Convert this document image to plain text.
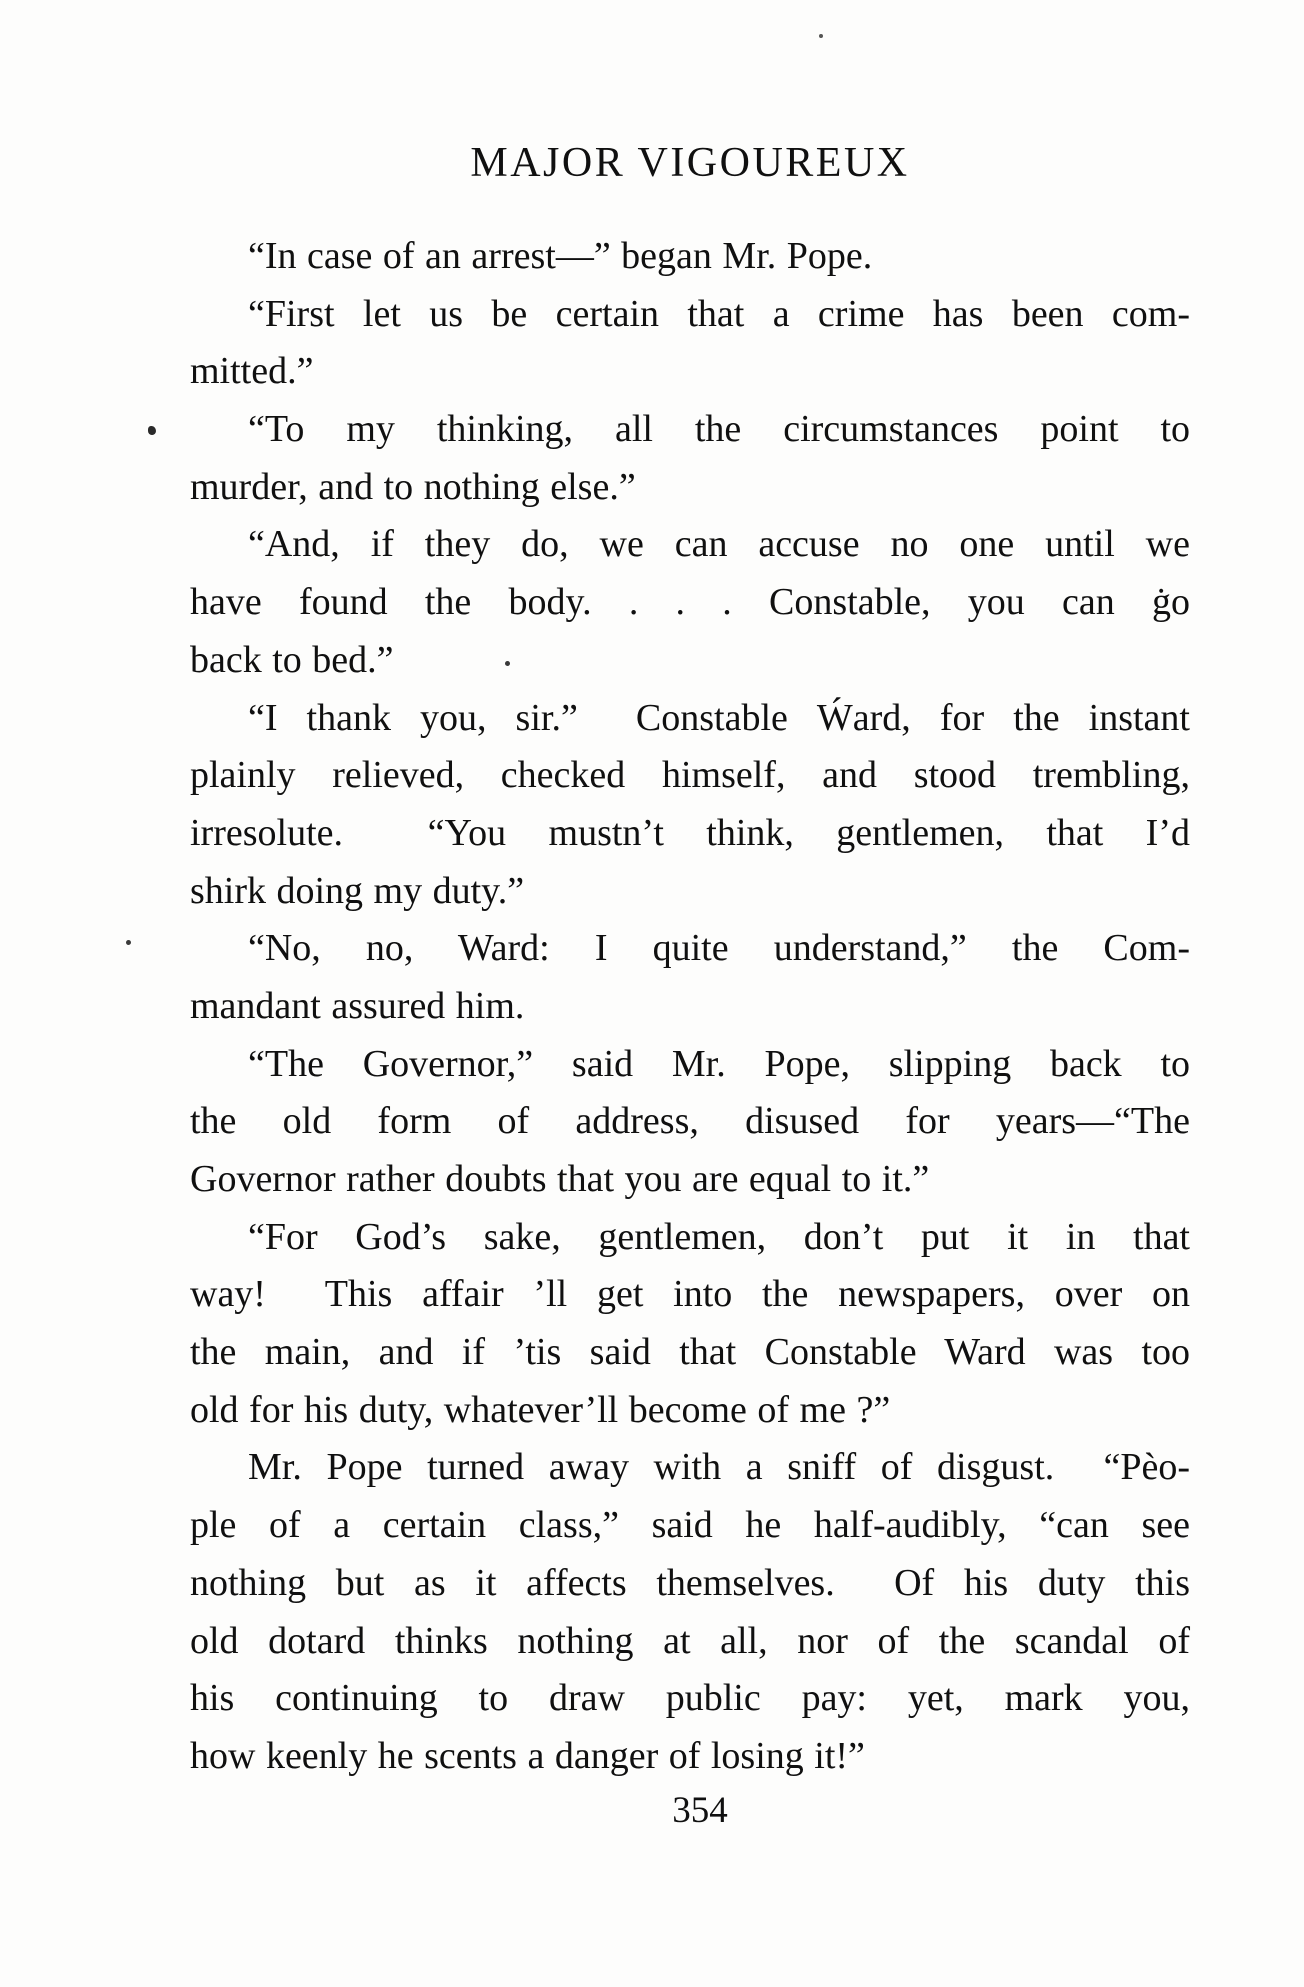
MAJOR VIGOUREUX
“In case of an arrest—” began Mr. Pope.
“First let us be certain that a crime has been com-
mitted.”
“To my thinking, all the circumstances point to
murder, and to nothing else.”
“And, if they do, we can accuse no one until we
have found the body. . . . Constable, you can ġo
back to bed.”
“I thank you, sir.”  Constable Ẃard, for the instant
plainly relieved, checked himself, and stood trembling,
irresolute.  “You mustn’t think, gentlemen, that I’d
shirk doing my duty.”
“No, no, Ward: I quite understand,” the Com-
mandant assured him.
“The Governor,” said Mr. Pope, slipping back to
the old form of address, disused for years—“The
Governor rather doubts that you are equal to it.”
“For God’s sake, gentlemen, don’t put it in that
way!  This affair ’ll get into the newspapers, over on
the main, and if ’tis said that Constable Ward was too
old for his duty, whatever’ll become of me ?”
Mr. Pope turned away with a sniff of disgust.  “Pèo-
ple of a certain class,” said he half-audibly, “can see
nothing but as it affects themselves.  Of his duty this
old dotard thinks nothing at all, nor of the scandal of
his continuing to draw public pay: yet, mark you,
how keenly he scents a danger of losing it!”
354
